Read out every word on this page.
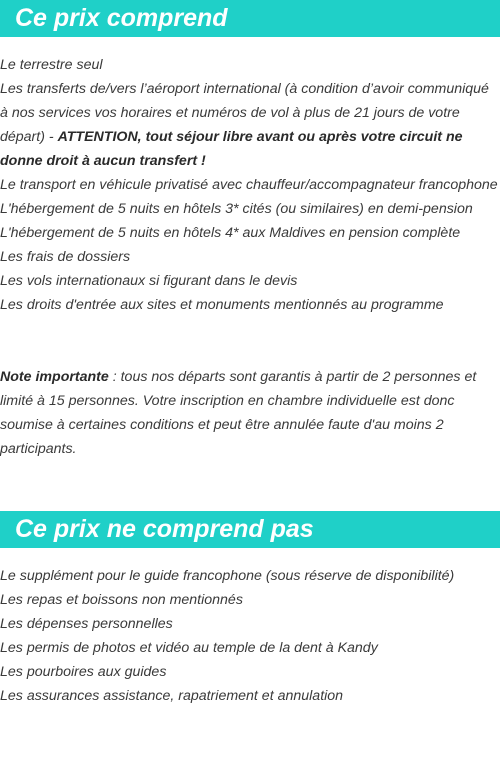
Ce prix comprend
Le terrestre seul
Les transferts de/vers l’aéroport international (à condition d’avoir communiqué à nos services vos horaires et numéros de vol à plus de 21 jours de votre départ) - ATTENTION, tout séjour libre avant ou après votre circuit ne donne droit à aucun transfert !
Le transport en véhicule privatisé avec chauffeur/accompagnateur francophone
L'hébergement de 5 nuits en hôtels 3* cités (ou similaires) en demi-pension
L'hébergement de 5 nuits en hôtels 4* aux Maldives en pension complète
Les frais de dossiers
Les vols internationaux si figurant dans le devis
Les droits d'entrée aux sites et monuments mentionnés au programme

Note importante : tous nos départs sont garantis à partir de 2 personnes et limité à 15 personnes. Votre inscription en chambre individuelle est donc soumise à certaines conditions et peut être annulée faute d'au moins 2 participants.

Ce prix ne comprend pas
Le supplément pour le guide francophone (sous réserve de disponibilité)
Les repas et boissons non mentionnés
Les dépenses personnelles
Les permis de photos et vidéo au temple de la dent à Kandy
Les pourboires aux guides
Les assurances assistance, rapatriement et annulation
